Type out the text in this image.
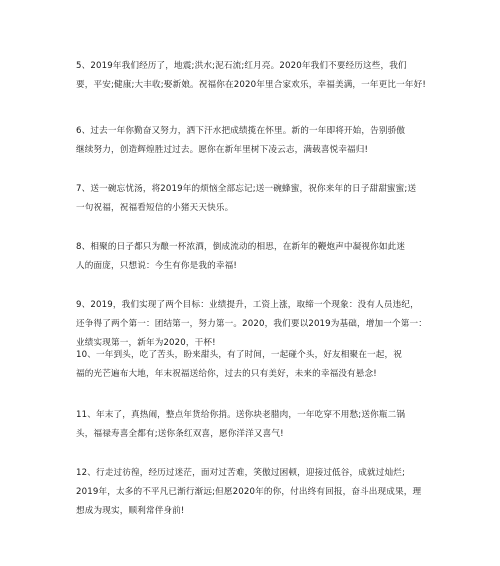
5、2019年我们经历了，地震;洪水;泥石流;红月亮。2020年我们不要经历这些，我们
要，平安;健康;大丰收;娶新娘。祝福你在2020年里合家欢乐，幸福美满，一年更比一年好!

6、过去一年你勤奋又努力，洒下汗水把成绩揽在怀里。新的一年即将开始，告别骄傲
继续努力，创造辉煌胜过过去。愿你在新年里树下凌云志，满载喜悦幸福归!

7、送一碗忘忧汤，将2019年的烦恼全部忘记;送一碗蜂蜜，祝你来年的日子甜甜蜜蜜;送
一句祝福，祝福看短信的小猪天天快乐。

8、相聚的日子都只为酿一杯浓酒，倒成流动的相思，在新年的鞭炮声中凝视你如此迷
人的面庞，只想说：今生有你是我的幸福!

9、2019，我们实现了两个目标：业绩提升，工资上涨，取缔一个现象：没有人员违纪，
还争得了两个第一：团结第一，努力第一。2020，我们要以2019为基础，增加一个第一：
业绩实现第一，新年为2020，干杯!

10、一年到头，吃了苦头，盼来甜头，有了时间，一起碰个头，好友相聚在一起，祝
福的光芒遍布大地，年末祝福送给你，过去的只有美好，未来的幸福没有悬念!

11、年末了，真热闹，整点年货给你捎。送你块老腊肉，一年吃穿不用愁;送你瓶二锅
头，福禄寿喜全都有;送你条红双喜，愿你洋洋又喜气!

12、行走过彷徨，经历过迷茫，面对过苦难，笑傲过困顿，迎接过低谷，成就过灿烂;
2019年，太多的不平凡已渐行渐远;但愿2020年的你，付出终有回报，奋斗出现成果，理
想成为现实，顺利常伴身前!
